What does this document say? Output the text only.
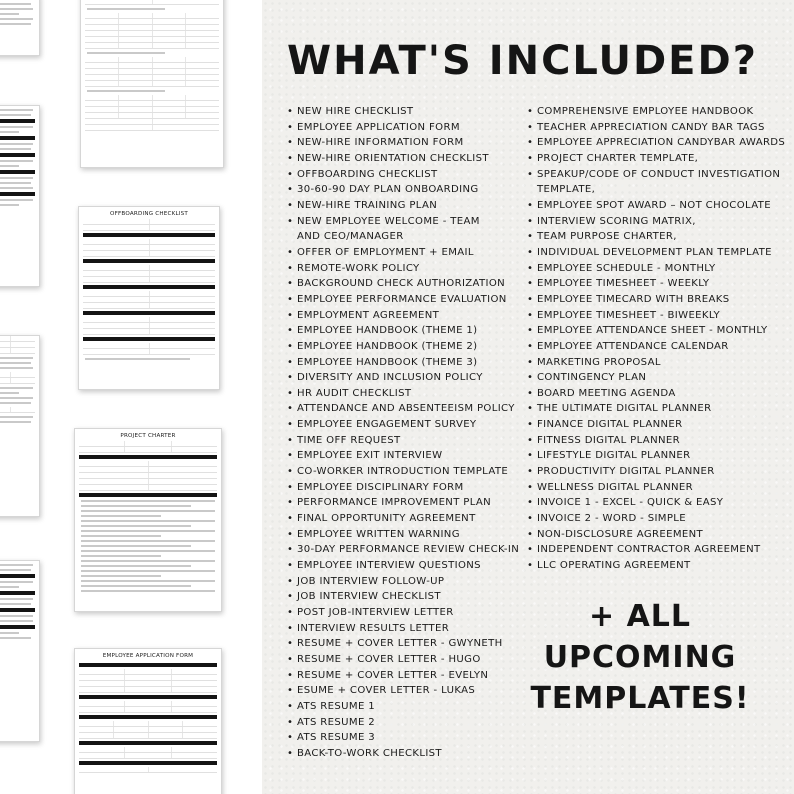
OFFBOARDING CHECKLIST
PROJECT CHARTER
EMPLOYEE APPLICATION FORM
WHAT'S INCLUDED?
• NEW HIRE CHECKLIST
• EMPLOYEE APPLICATION FORM
• NEW-HIRE INFORMATION FORM
• NEW-HIRE ORIENTATION CHECKLIST
• OFFBOARDING CHECKLIST
• 30-60-90 DAY PLAN ONBOARDING
• NEW-HIRE TRAINING PLAN
• NEW EMPLOYEE WELCOME - TEAM AND CEO/MANAGER
• OFFER OF EMPLOYMENT + EMAIL
• REMOTE-WORK POLICY
• BACKGROUND CHECK AUTHORIZATION
• EMPLOYEE PERFORMANCE EVALUATION
• EMPLOYMENT AGREEMENT
• EMPLOYEE HANDBOOK (THEME 1)
• EMPLOYEE HANDBOOK (THEME 2)
• EMPLOYEE HANDBOOK (THEME 3)
• DIVERSITY AND INCLUSION POLICY
• HR AUDIT CHECKLIST
• ATTENDANCE AND ABSENTEEISM POLICY
• EMPLOYEE ENGAGEMENT SURVEY
• TIME OFF REQUEST
• EMPLOYEE EXIT INTERVIEW
• CO-WORKER INTRODUCTION TEMPLATE
• EMPLOYEE DISCIPLINARY FORM
• PERFORMANCE IMPROVEMENT PLAN
• FINAL OPPORTUNITY AGREEMENT
• EMPLOYEE WRITTEN WARNING
• 30-DAY PERFORMANCE REVIEW CHECK-IN
• EMPLOYEE INTERVIEW QUESTIONS
• JOB INTERVIEW FOLLOW-UP
• JOB INTERVIEW CHECKLIST
• POST JOB-INTERVIEW LETTER
• INTERVIEW RESULTS LETTER
• RESUME + COVER LETTER - GWYNETH
• RESUME + COVER LETTER - HUGO
• RESUME + COVER LETTER - EVELYN
• ESUME + COVER LETTER - LUKAS
• ATS RESUME 1
• ATS RESUME 2
• ATS RESUME 3
• BACK-TO-WORK CHECKLIST
• COMPREHENSIVE EMPLOYEE HANDBOOK
• TEACHER APPRECIATION CANDY BAR TAGS
• EMPLOYEE APPRECIATION CANDYBAR AWARDS
• PROJECT CHARTER TEMPLATE,
• SPEAKUP/CODE OF CONDUCT INVESTIGATION TEMPLATE,
• EMPLOYEE SPOT AWARD – NOT CHOCOLATE
• INTERVIEW SCORING MATRIX,
• TEAM PURPOSE CHARTER,
• INDIVIDUAL DEVELOPMENT PLAN TEMPLATE
• EMPLOYEE SCHEDULE - MONTHLY
• EMPLOYEE TIMESHEET - WEEKLY
• EMPLOYEE TIMECARD WITH BREAKS
• EMPLOYEE TIMESHEET - BIWEEKLY
• EMPLOYEE ATTENDANCE SHEET - MONTHLY
• EMPLOYEE ATTENDANCE CALENDAR
• MARKETING PROPOSAL
• CONTINGENCY PLAN
• BOARD MEETING AGENDA
• THE ULTIMATE DIGITAL PLANNER
• FINANCE DIGITAL PLANNER
• FITNESS DIGITAL PLANNER
• LIFESTYLE DIGITAL PLANNER
• PRODUCTIVITY DIGITAL PLANNER
• WELLNESS DIGITAL PLANNER
• INVOICE 1 - EXCEL - QUICK & EASY
• INVOICE 2 - WORD - SIMPLE
• NON-DISCLOSURE AGREEMENT
• INDEPENDENT CONTRACTOR AGREEMENT
• LLC OPERATING AGREEMENT
+ ALL
UPCOMING
TEMPLATES!
